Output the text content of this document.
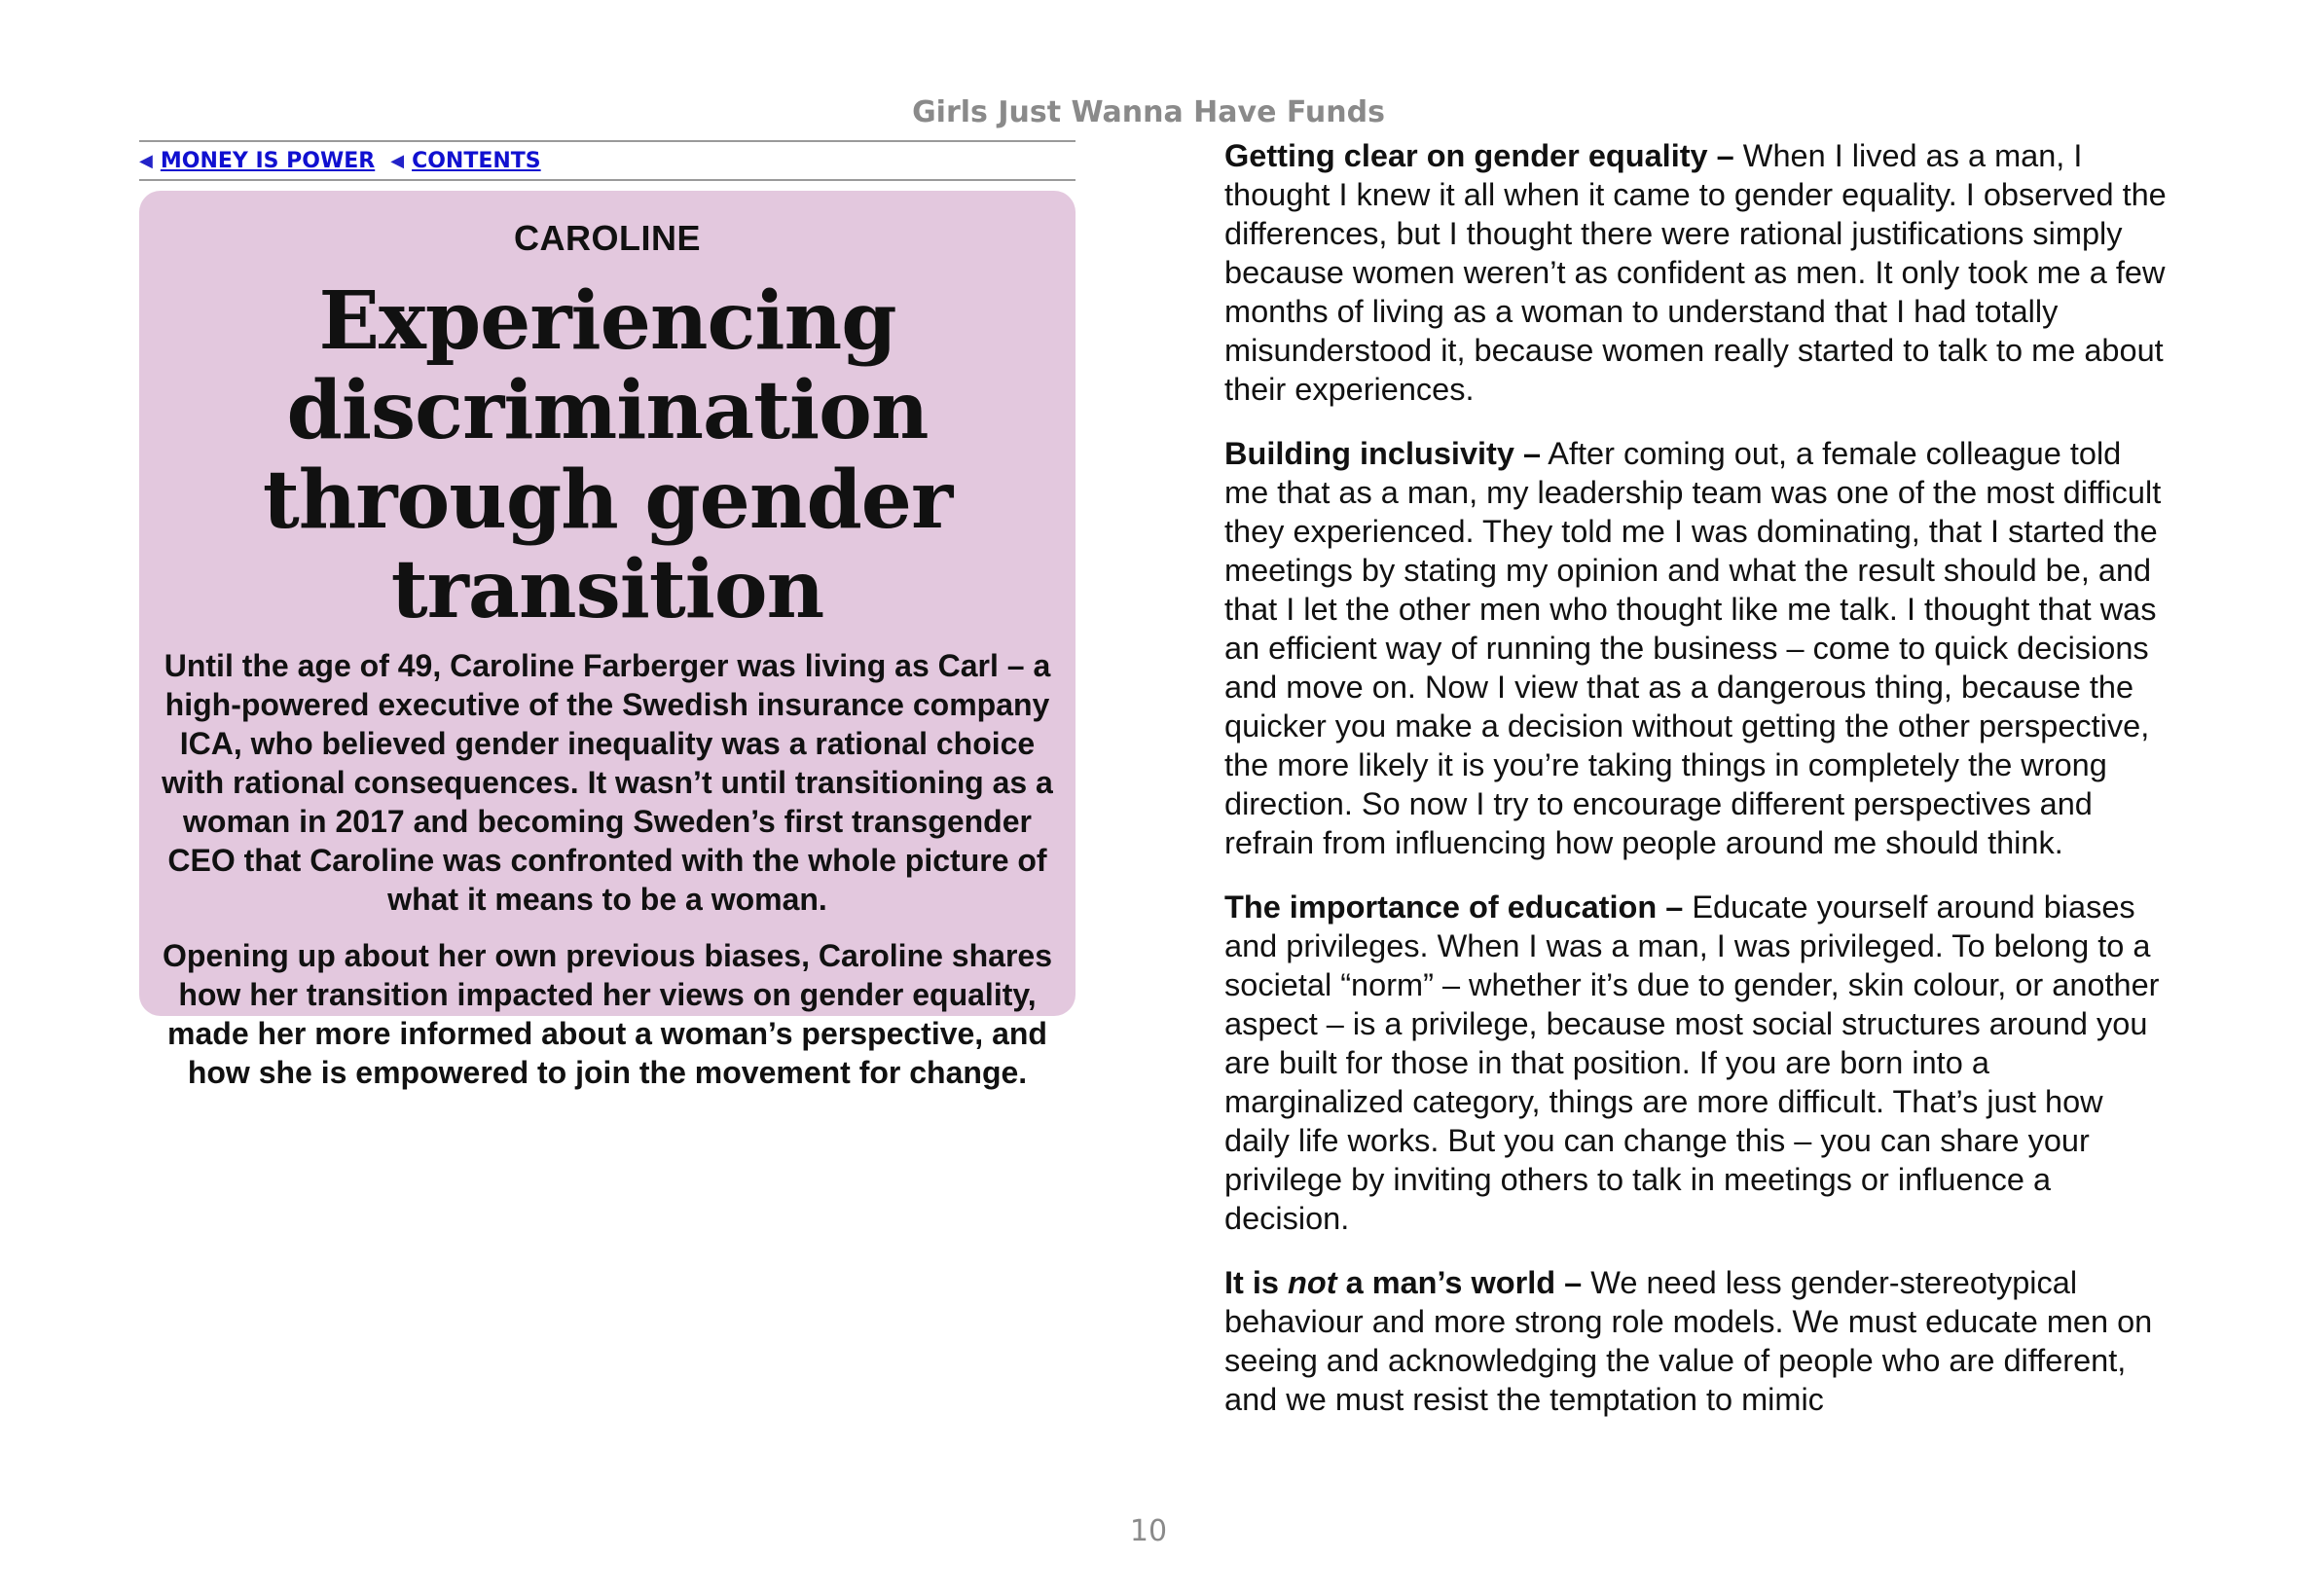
Girls Just Wanna Have Funds
◀ MONEY IS POWER ◀ CONTENTS
CAROLINE
Experiencing discrimination through gender transition

Until the age of 49, Caroline Farberger was living as Carl – a high-powered executive of the Swedish insurance company ICA, who believed gender inequality was a rational choice with rational consequences. It wasn’t until transitioning as a woman in 2017 and becoming Sweden’s first transgender CEO that Caroline was confronted with the whole picture of what it means to be a woman.

Opening up about her own previous biases, Caroline shares how her transition impacted her views on gender equality, made her more informed about a woman’s perspective, and how she is empowered to join the movement for change.

Getting clear on gender equality – When I lived as a man, I thought I knew it all when it came to gender equality. I observed the differences, but I thought there were rational justifications simply because women weren’t as confident as men. It only took me a few months of living as a woman to understand that I had totally misunderstood it, because women really started to talk to me about their experiences.

Building inclusivity – After coming out, a female colleague told me that as a man, my leadership team was one of the most difficult they experienced. They told me I was dominating, that I started the meetings by stating my opinion and what the result should be, and that I let the other men who thought like me talk. I thought that was an efficient way of running the business – come to quick decisions and move on. Now I view that as a dangerous thing, because the quicker you make a decision without getting the other perspective, the more likely it is you’re taking things in completely the wrong direction. So now I try to encourage different perspectives and refrain from influencing how people around me should think.

The importance of education – Educate yourself around biases and privileges. When I was a man, I was privileged. To belong to a societal “norm” – whether it’s due to gender, skin colour, or another aspect – is a privilege, because most social structures around you are built for those in that position. If you are born into a marginalized category, things are more difficult. That’s just how daily life works. But you can change this – you can share your privilege by inviting others to talk in meetings or influence a decision.

It is not a man’s world – We need less gender-stereotypical behaviour and more strong role models. We must educate men on seeing and acknowledging the value of people who are different, and we must resist the temptation to mimic

10
